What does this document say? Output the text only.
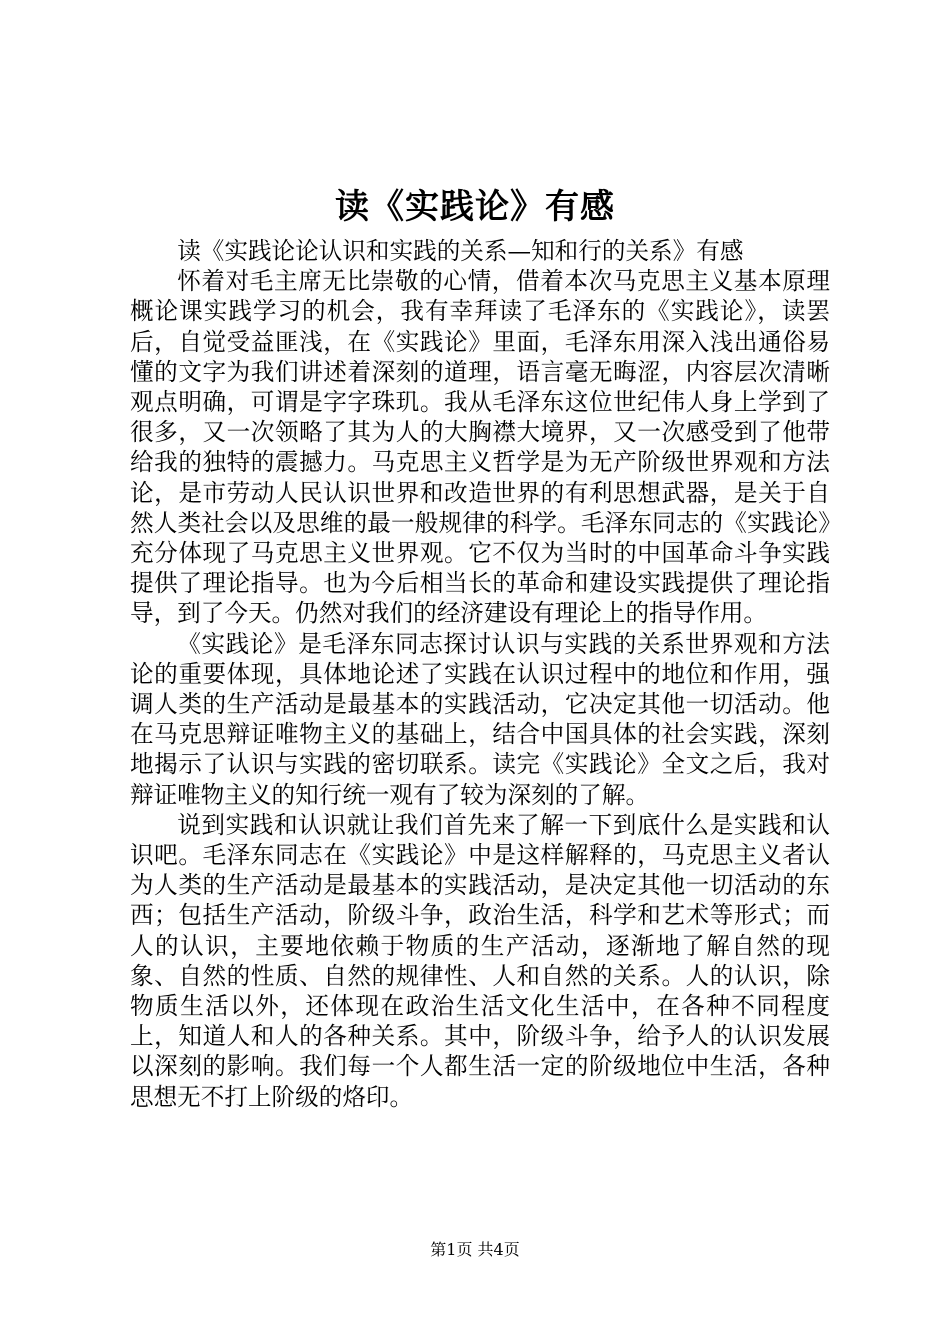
读《实践论》有感

读《实践论论认识和实践的关系—知和行的关系》有感

怀着对毛主席无比崇敬的心情，借着本次马克思主义基本原理概论课实践学习的机会，我有幸拜读了毛泽东的《实践论》，读罢后，自觉受益匪浅，在《实践论》里面，毛泽东用深入浅出通俗易懂的文字为我们讲述着深刻的道理，语言毫无晦涩，内容层次清晰观点明确，可谓是字字珠玑。我从毛泽东这位世纪伟人身上学到了很多，又一次领略了其为人的大胸襟大境界，又一次感受到了他带给我的独特的震撼力。马克思主义哲学是为无产阶级世界观和方法论，是市劳动人民认识世界和改造世界的有利思想武器，是关于自然人类社会以及思维的最一般规律的科学。毛泽东同志的《实践论》充分体现了马克思主义世界观。它不仅为当时的中国革命斗争实践提供了理论指导。也为今后相当长的革命和建设实践提供了理论指导，到了今天。仍然对我们的经济建设有理论上的指导作用。

《实践论》是毛泽东同志探讨认识与实践的关系世界观和方法论的重要体现，具体地论述了实践在认识过程中的地位和作用，强调人类的生产活动是最基本的实践活动，它决定其他一切活动。他在马克思辩证唯物主义的基础上，结合中国具体的社会实践，深刻地揭示了认识与实践的密切联系。读完《实践论》全文之后，我对辩证唯物主义的知行统一观有了较为深刻的了解。

说到实践和认识就让我们首先来了解一下到底什么是实践和认识吧。毛泽东同志在《实践论》中是这样解释的，马克思主义者认为人类的生产活动是最基本的实践活动，是决定其他一切活动的东西；包括生产活动，阶级斗争，政治生活，科学和艺术等形式；而人的认识，主要地依赖于物质的生产活动，逐渐地了解自然的现象、自然的性质、自然的规律性、人和自然的关系。人的认识，除物质生活以外，还体现在政治生活文化生活中，在各种不同程度上，知道人和人的各种关系。其中，阶级斗争，给予人的认识发展以深刻的影响。我们每一个人都生活一定的阶级地位中生活，各种思想无不打上阶级的烙印。

第1页 共4页
